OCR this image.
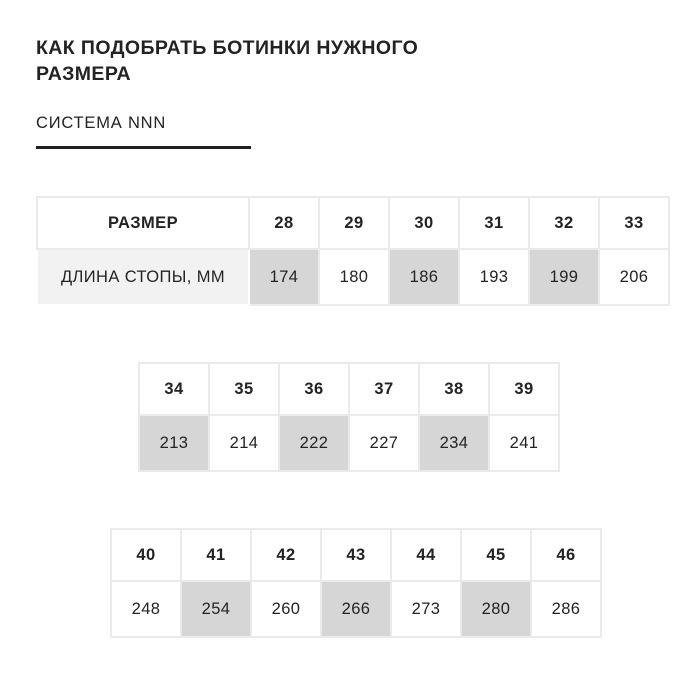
КАК ПОДОБРАТЬ БОТИНКИ НУЖНОГО РАЗМЕРА
СИСТЕМА NNN
РАЗМЕР	28	29	30	31	32	33
ДЛИНА СТОПЫ, ММ	174	180	186	193	199	206
34	35	36	37	38	39
213	214	222	227	234	241
40	41	42	43	44	45	46
248	254	260	266	273	280	286
